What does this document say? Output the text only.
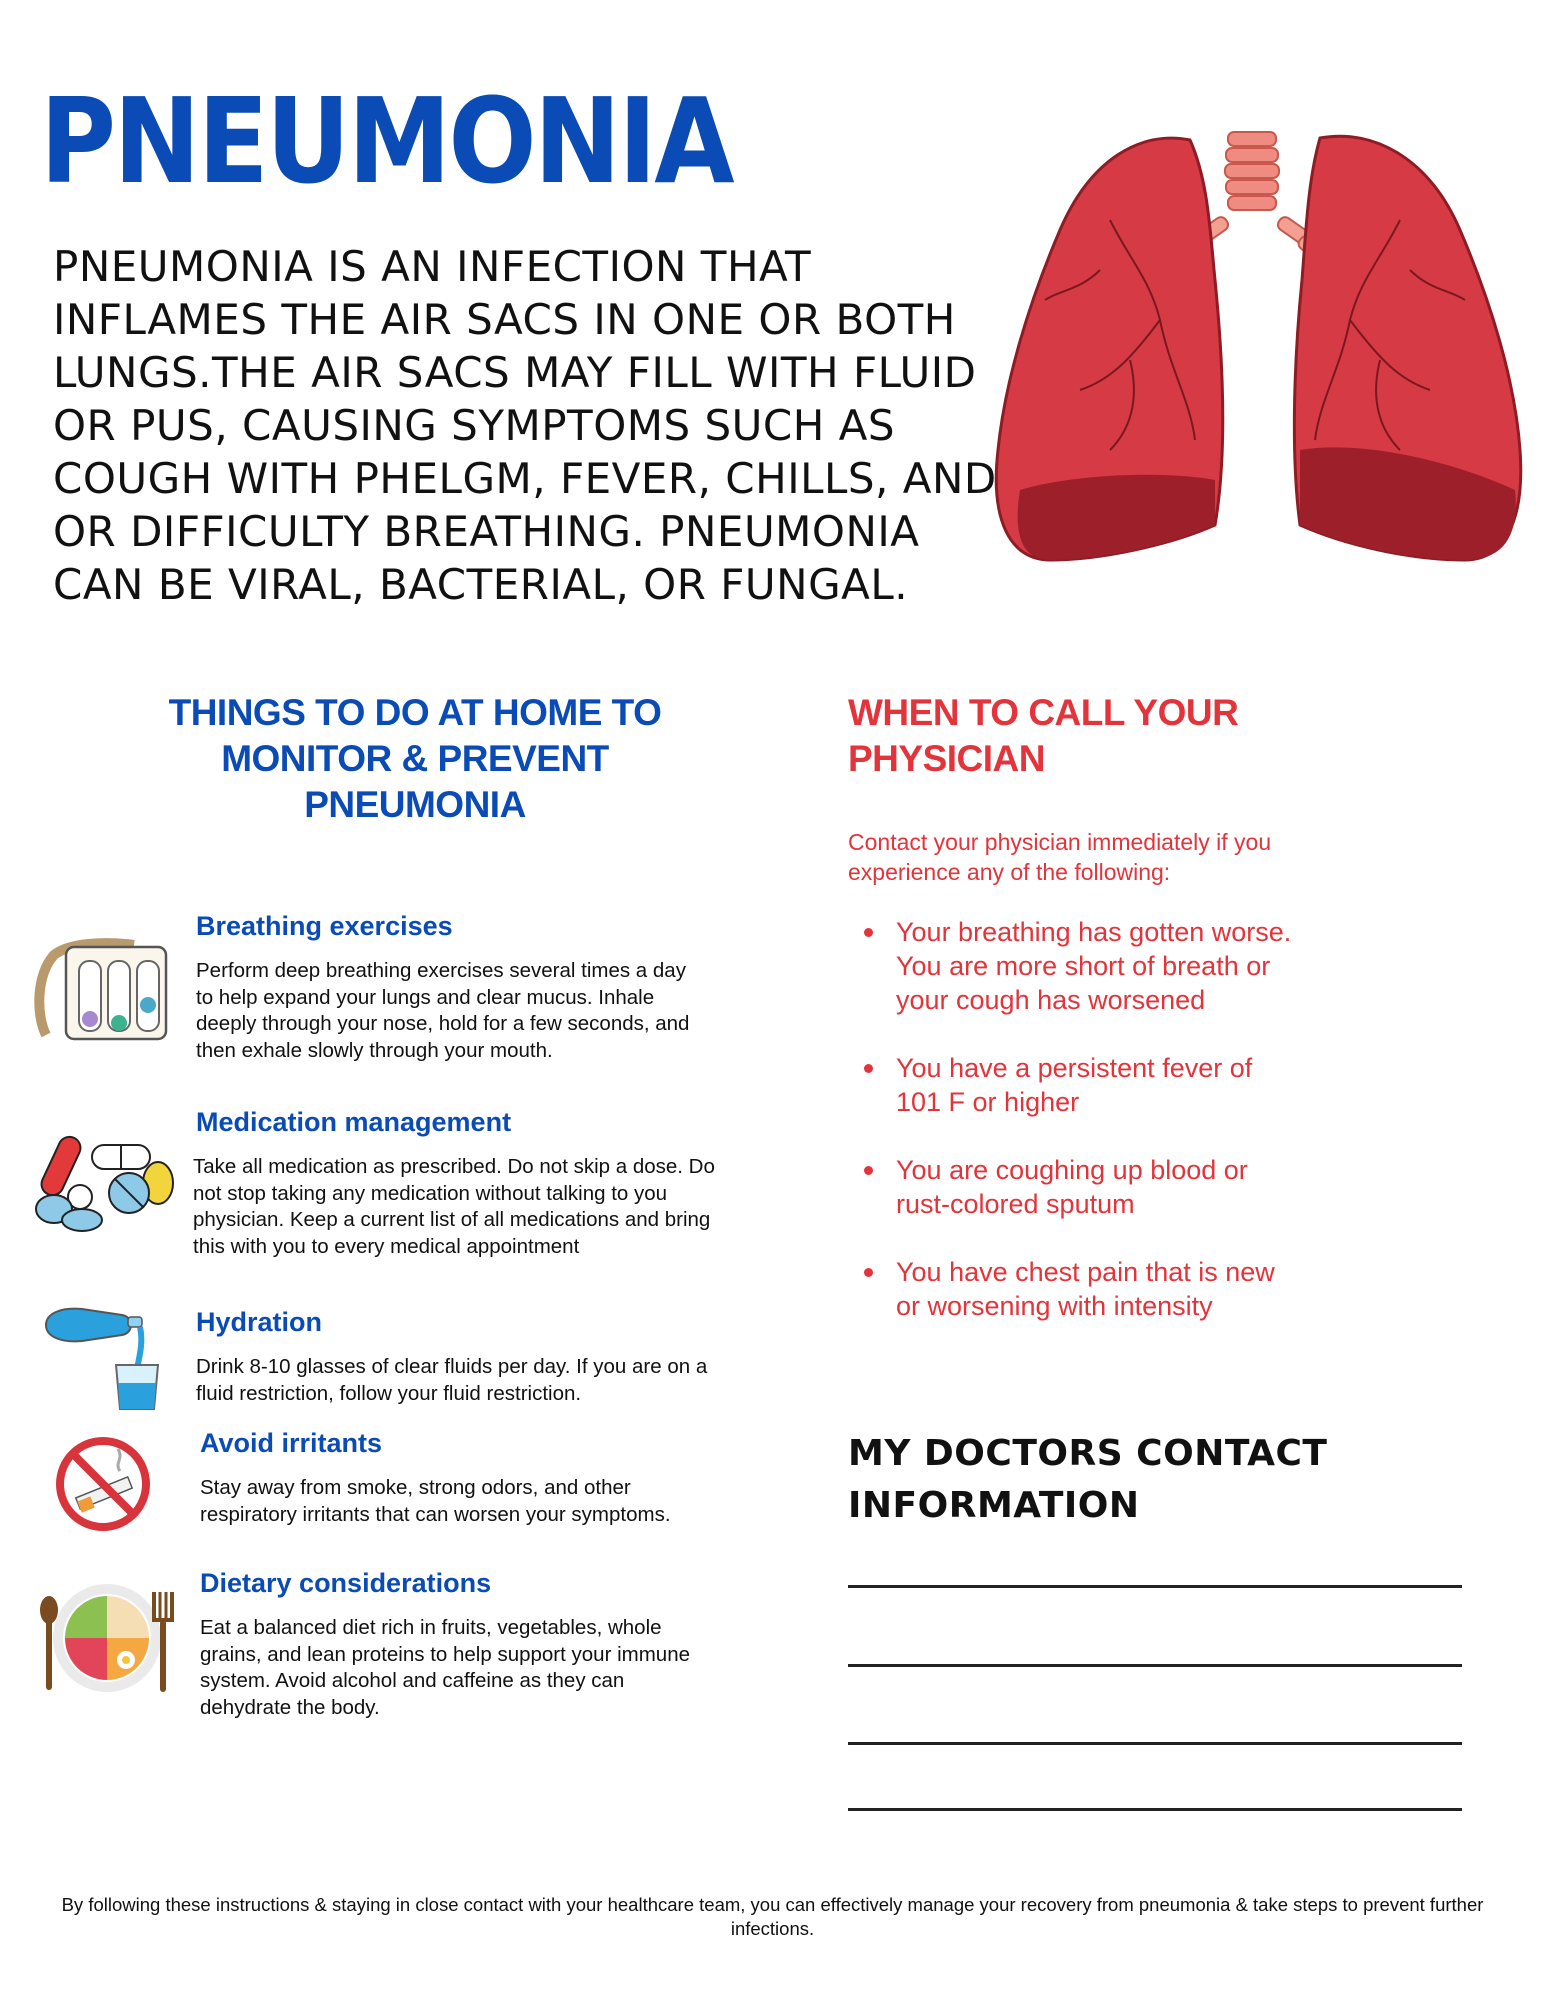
PNEUMONIA

PNEUMONIA IS AN INFECTION THAT INFLAMES THE AIR SACS IN ONE OR BOTH LUNGS.THE AIR SACS MAY FILL WITH FLUID OR PUS, CAUSING SYMPTOMS SUCH AS COUGH WITH PHELGM, FEVER, CHILLS, AND OR DIFFICULTY BREATHING. PNEUMONIA CAN BE VIRAL, BACTERIAL, OR FUNGAL.

THINGS TO DO AT HOME TO MONITOR & PREVENT PNEUMONIA
Breathing exercises

Perform deep breathing exercises several times a day to help expand your lungs and clear mucus. Inhale deeply through your nose, hold for a few seconds, and then exhale slowly through your mouth.

Medication management

Take all medication as prescribed. Do not skip a dose. Do not stop taking any medication without talking to you physician. Keep a current list of all medications and bring this with you to every medical appointment

Hydration

Drink 8-10 glasses of clear fluids per day. If you are on a fluid restriction, follow your fluid restriction.

Avoid irritants

Stay away from smoke, strong odors, and other respiratory irritants that can worsen your symptoms.

Dietary considerations

Eat a balanced diet rich in fruits, vegetables, whole grains, and lean proteins to help support your immune system. Avoid alcohol and caffeine as they can dehydrate the body.

WHEN TO CALL YOUR PHYSICIAN

Contact your physician immediately if you experience any of the following:

Your breathing has gotten worse. You are more short of breath or your cough has worsened
You have a persistent fever of 101 F or higher
You are coughing up blood or rust-colored sputum
You have chest pain that is new or worsening with intensity
MY DOCTORS CONTACT INFORMATION

By following these instructions & staying in close contact with your healthcare team, you can effectively manage your recovery from pneumonia & take steps to prevent further infections.
